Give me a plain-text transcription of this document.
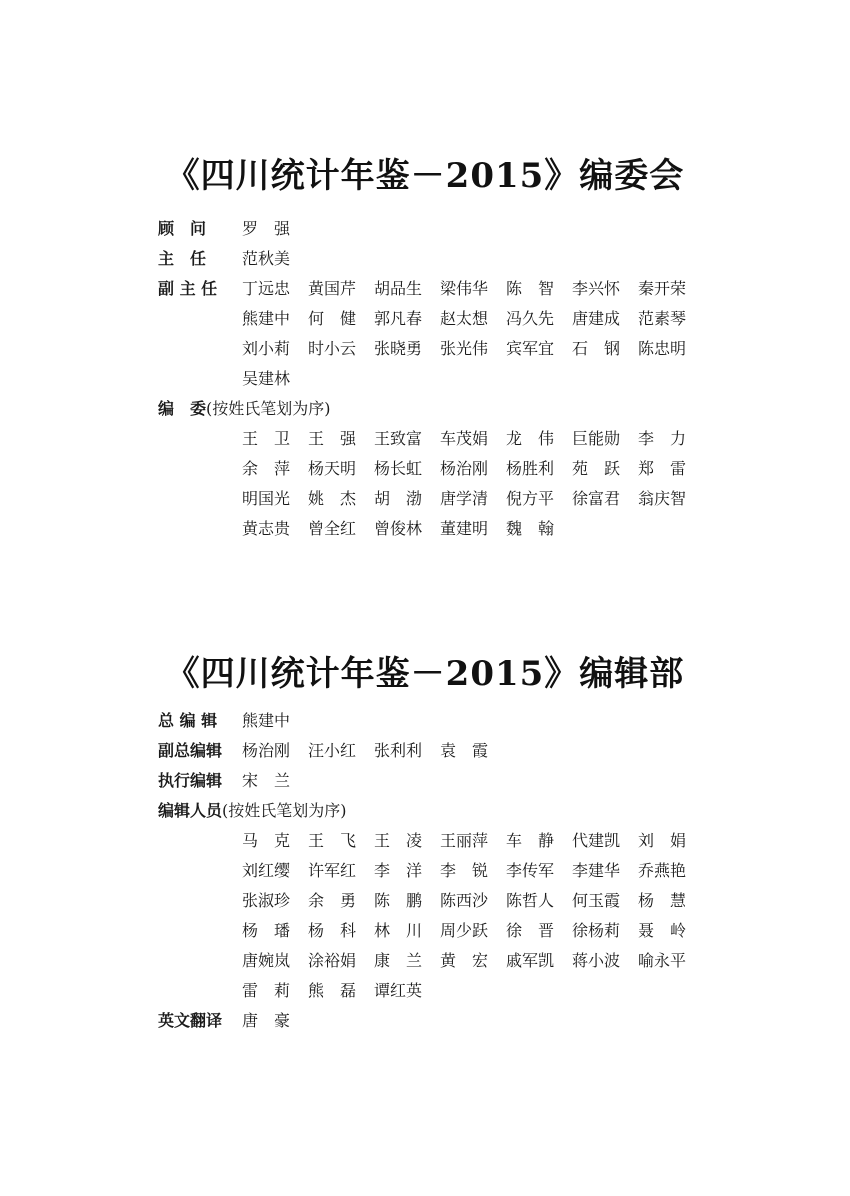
《四川统计年鉴－2015》编委会
顾　问	罗　强
主　任	范秋美
副 主 任	丁远忠 黄国芹 胡品生 梁伟华 陈　智 李兴怀 秦开荣
熊建中 何　健 郭凡春 赵太想 冯久先 唐建成 范素琴
刘小莉 时小云 张晓勇 张光伟 宾军宜 石　钢 陈忠明
吴建林
编　委(按姓氏笔划为序)
王　卫 王　强 王致富 车茂娟 龙　伟 巨能勋 李　力
余　萍 杨天明 杨长虹 杨治刚 杨胜利 苑　跃 郑　雷
明国光 姚　杰 胡　渤 唐学清 倪方平 徐富君 翁庆智
黄志贵 曾全红 曾俊林 董建明 魏　翰
《四川统计年鉴－2015》编辑部
总 编 辑	熊建中
副总编辑 杨治刚 汪小红 张利利 袁　霞
执行编辑 宋　兰
编辑人员(按姓氏笔划为序)
马　克 王　飞 王　凌 王丽萍 车　静 代建凯 刘　娟
刘红缨 许军红 李　洋 李　锐 李传军 李建华 乔燕艳
张淑珍 余　勇 陈　鹏 陈西沙 陈哲人 何玉霞 杨　慧
杨　璠 杨　科 林　川 周少跃 徐　晋 徐杨莉 聂　岭
唐婉岚 涂裕娟 康　兰 黄　宏 戚军凯 蒋小波 喻永平
雷　莉 熊　磊 谭红英
英文翻译 唐　豪
